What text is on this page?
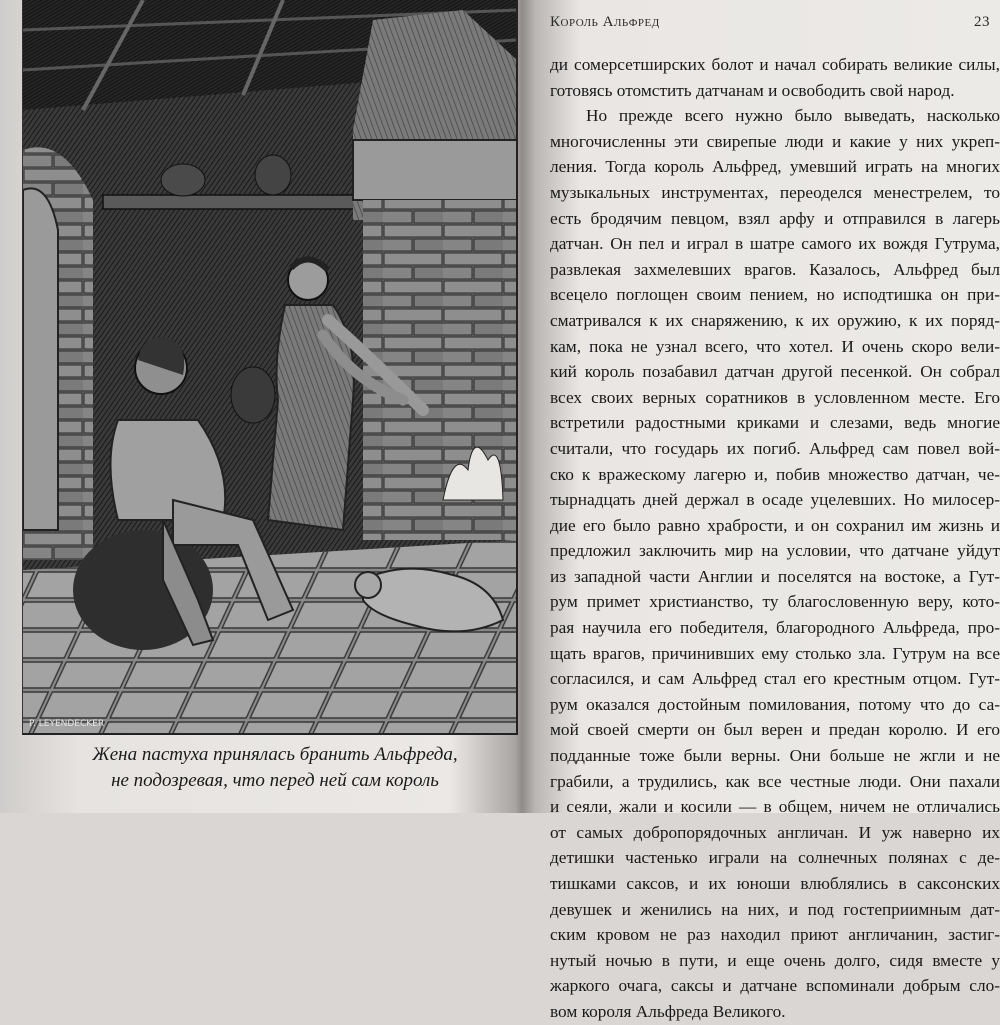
P. LEYENDECKER
Жена пастуха принялась бранить Альфреда,
не подозревая, что перед ней сам король
Король Альфред	23
ди сомерсетширских болот и начал собирать великие силы,
готовясь отомстить датчанам и освободить свой народ.
Но прежде всего нужно было выведать, насколько
многочисленны эти свирепые люди и какие у них укреп-
ления. Тогда король Альфред, умевший играть на многих
музыкальных инструментах, переоделся менестрелем, то
есть бродячим певцом, взял арфу и отправился в лагерь
датчан. Он пел и играл в шатре самого их вождя Гутрума,
развлекая захмелевших врагов. Казалось, Альфред был
всецело поглощен своим пением, но исподтишка он при-
сматривался к их снаряжению, к их оружию, к их поряд-
кам, пока не узнал всего, что хотел. И очень скоро вели-
кий король позабавил датчан другой песенкой. Он собрал
всех своих верных соратников в условленном месте. Его
встретили радостными криками и слезами, ведь многие
считали, что государь их погиб. Альфред сам повел вой-
ско к вражескому лагерю и, побив множество датчан, че-
тырнадцать дней держал в осаде уцелевших. Но милосер-
дие его было равно храбрости, и он сохранил им жизнь и
предложил заключить мир на условии, что датчане уйдут
из западной части Англии и поселятся на востоке, а Гут-
рум примет христианство, ту благословенную веру, кото-
рая научила его победителя, благородного Альфреда, про-
щать врагов, причинивших ему столько зла. Гутрум на все
согласился, и сам Альфред стал его крестным отцом. Гут-
рум оказался достойным помилования, потому что до са-
мой своей смерти он был верен и предан королю. И его
подданные тоже были верны. Они больше не жгли и не
грабили, а трудились, как все честные люди. Они пахали
и сеяли, жали и косили — в общем, ничем не отличались
от самых добропорядочных англичан. И уж наверно их
детишки частенько играли на солнечных полянах с де-
тишками саксов, и их юноши влюблялись в саксонских
девушек и женились на них, и под гостеприимным дат-
ским кровом не раз находил приют англичанин, застиг-
нутый ночью в пути, и еще очень долго, сидя вместе у
жаркого очага, саксы и датчане вспоминали добрым сло-
вом короля Альфреда Великого.
